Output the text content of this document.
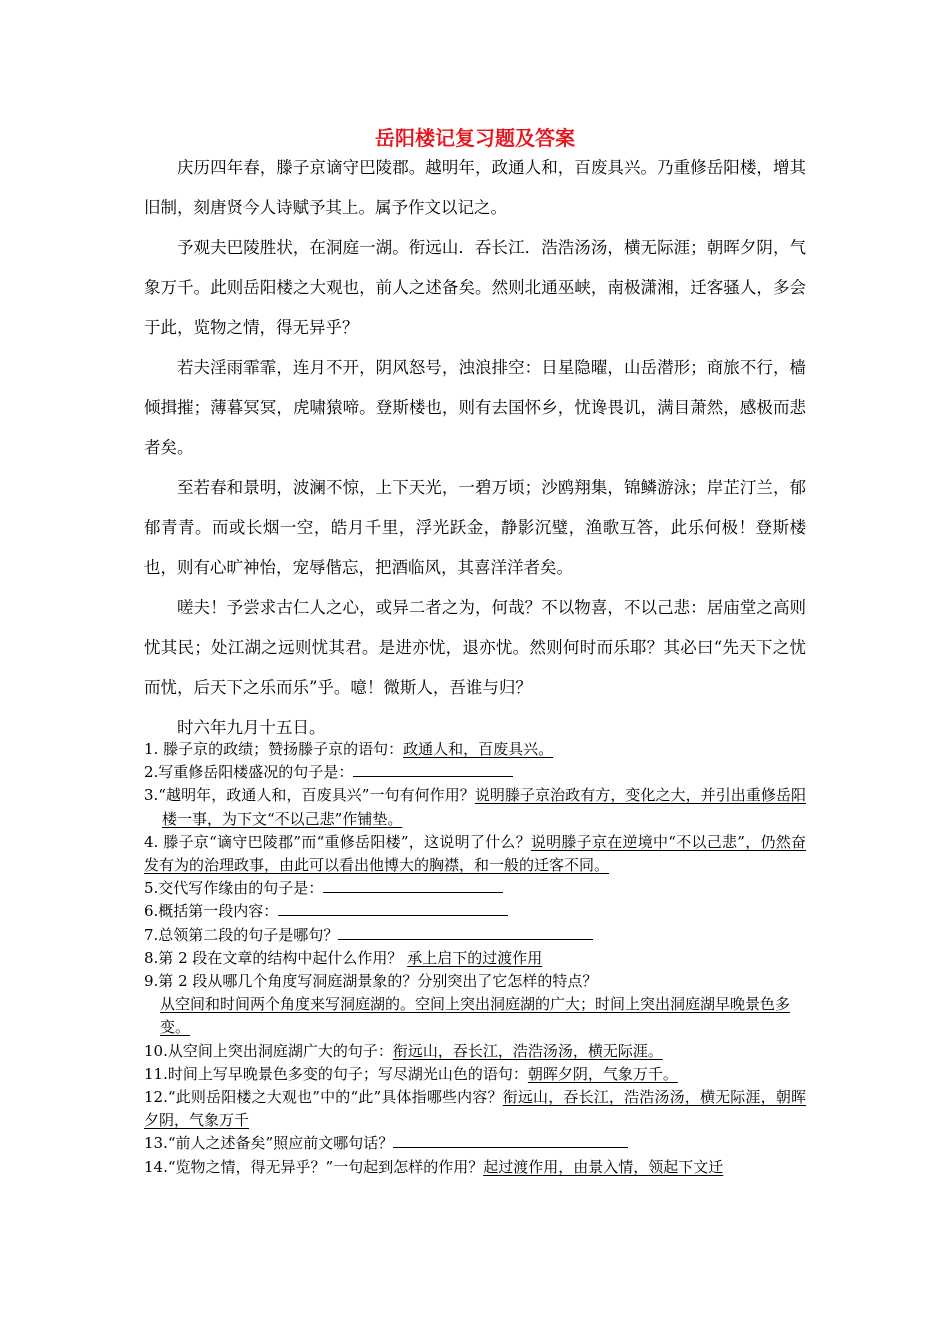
岳阳楼记复习题及答案

庆历四年春，滕子京谪守巴陵郡。越明年，政通人和，百废具兴。乃重修岳阳楼，增其旧制，刻唐贤今人诗赋予其上。属予作文以记之。

予观夫巴陵胜状，在洞庭一湖。衔远山．吞长江．浩浩汤汤，横无际涯；朝晖夕阴，气象万千。此则岳阳楼之大观也，前人之述备矣。然则北通巫峡，南极潇湘，迁客骚人，多会于此，览物之情，得无异乎？

若夫淫雨霏霏，连月不开，阴风怒号，浊浪排空：日星隐曜，山岳潜形；商旅不行，樯倾揖摧；薄暮冥冥，虎啸猿啼。登斯楼也，则有去国怀乡，忧谗畏讥，满目萧然，感极而悲者矣。

至若春和景明，波澜不惊，上下天光，一碧万顷；沙鸥翔集，锦鳞游泳；岸芷汀兰，郁郁青青。而或长烟一空，皓月千里，浮光跃金，静影沉璧，渔歌互答，此乐何极！登斯楼也，则有心旷神怡，宠辱偕忘，把酒临风，其喜洋洋者矣。

嗟夫！予尝求古仁人之心，或异二者之为，何哉？不以物喜，不以己悲：居庙堂之高则忧其民；处江湖之远则忧其君。是进亦忧，退亦忧。然则何时而乐耶？其必曰“先天下之忧而忧，后天下之乐而乐”乎。噫！微斯人，吾谁与归？

时六年九月十五日。

1. 滕子京的政绩；赞扬滕子京的语句：政通人和，百废具兴。

2.写重修岳阳楼盛况的句子是：

3.“越明年，政通人和，百废具兴”一句有何作用？说明滕子京治政有方，变化之大，并引出重修岳阳楼一事，为下文“不以己悲”作铺垫。

4. 滕子京“谪守巴陵郡”而“重修岳阳楼”，这说明了什么？说明滕子京在逆境中“不以己悲”，仍然奋发有为的治理政事，由此可以看出他博大的胸襟，和一般的迁客不同。

5.交代写作缘由的句子是：

6.概括第一段内容：

7.总领第二段的句子是哪句？

8.第 2 段在文章的结构中起什么作用？ 承上启下的过渡作用

9.第 2 段从哪几个角度写洞庭湖景象的？分别突出了它怎样的特点？

从空间和时间两个角度来写洞庭湖的。空间上突出洞庭湖的广大；时间上突出洞庭湖早晚景色多变。

10.从空间上突出洞庭湖广大的句子：衔远山，吞长江，浩浩汤汤，横无际涯。

11.时间上写早晚景色多变的句子；写尽湖光山色的语句：朝晖夕阴，气象万千。

12.“此则岳阳楼之大观也”中的“此”具体指哪些内容？衔远山，吞长江，浩浩汤汤，横无际涯，朝晖夕阴，气象万千

13.“前人之述备矣”照应前文哪句话？

14.“览物之情，得无异乎？”一句起到怎样的作用？起过渡作用，由景入情，领起下文迁
